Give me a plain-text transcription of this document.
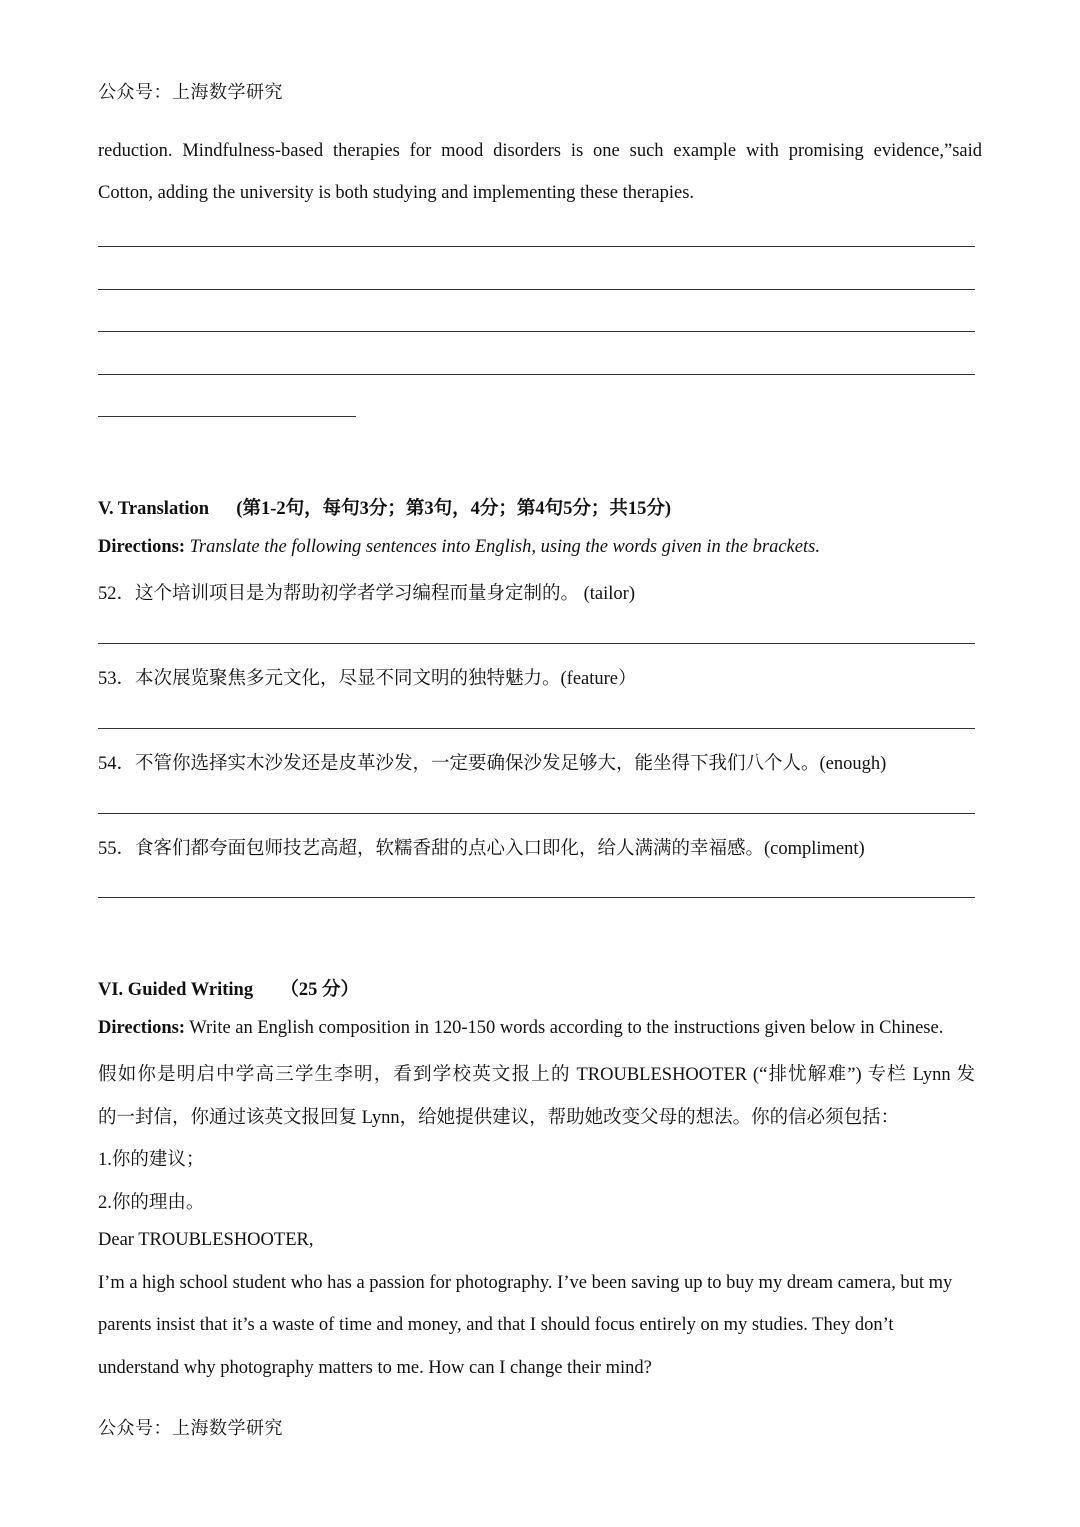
公众号：上海数学研究
reduction. Mindfulness-based therapies for mood disorders is one such example with promising evidence,”said
Cotton, adding the university is both studying and implementing these therapies.
V. Translation (第1-2句，每句3分；第3句，4分；第4句5分；共15分)
Directions: Translate the following sentences into English, using the words given in the brackets.
52．这个培训项目是为帮助初学者学习编程而量身定制的。 (tailor)
53．本次展览聚焦多元文化，尽显不同文明的独特魅力。(feature）
54．不管你选择实木沙发还是皮革沙发，一定要确保沙发足够大，能坐得下我们八个人。(enough)
55．食客们都夸面包师技艺高超，软糯香甜的点心入口即化，给人满满的幸福感。(compliment)
VI. Guided Writing （25 分）
Directions: Write an English composition in 120-150 words according to the instructions given below in Chinese.
假如你是明启中学高三学生李明，看到学校英文报上的 TROUBLESHOOTER (“排忧解难”) 专栏 Lynn 发
的一封信，你通过该英文报回复 Lynn，给她提供建议，帮助她改变父母的想法。你的信必须包括：
1.你的建议；
2.你的理由。
Dear TROUBLESHOOTER,
I’m a high school student who has a passion for photography. I’ve been saving up to buy my dream camera, but my
parents insist that it’s a waste of time and money, and that I should focus entirely on my studies. They don’t
understand why photography matters to me. How can I change their mind?
公众号：上海数学研究
